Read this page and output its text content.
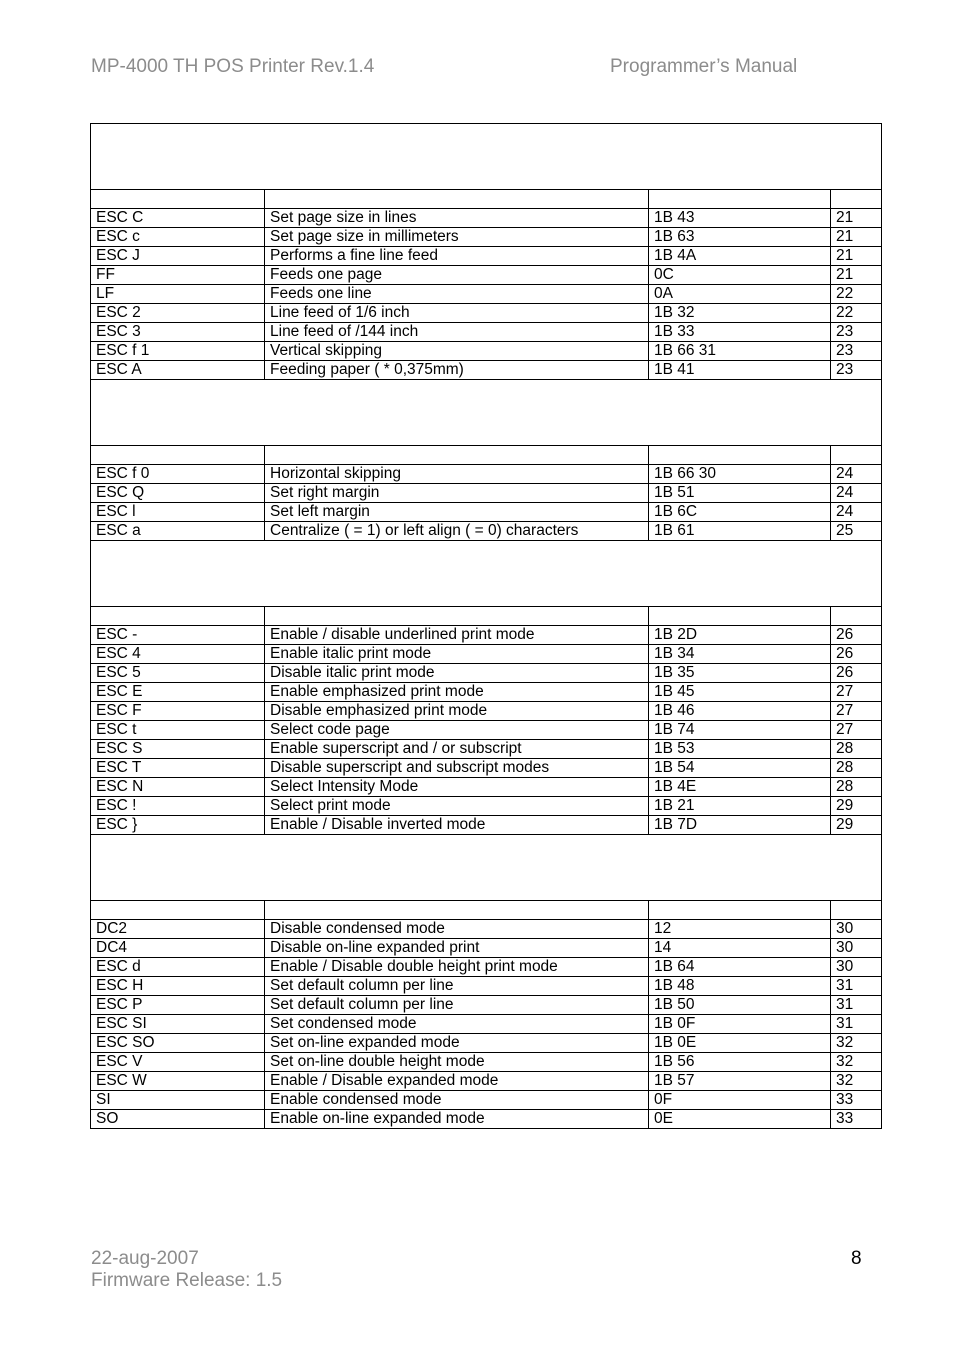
MP-4000 TH POS Printer Rev.1.4	Programmer’s Manual

ESC C	Set page size in lines	1B 43	21
ESC c	Set page size in millimeters	1B 63	21
ESC J	Performs a fine line feed	1B 4A	21
FF	Feeds one page	0C	21
LF	Feeds one line	0A	22
ESC 2	Line feed of 1/6 inch	1B 32	22
ESC 3	Line feed of /144 inch	1B 33	23
ESC f 1	Vertical skipping	1B 66 31	23
ESC A	Feeding paper ( * 0,375mm)	1B 41	23

ESC f 0	Horizontal skipping	1B 66 30	24
ESC Q	Set right margin	1B 51	24
ESC l	Set left margin	1B 6C	24
ESC a	Centralize ( = 1) or left align ( = 0) characters	1B 61	25

ESC -	Enable / disable underlined print mode	1B 2D	26
ESC 4	Enable italic print mode	1B 34	26
ESC 5	Disable italic print mode	1B 35	26
ESC E	Enable emphasized print mode	1B 45	27
ESC F	Disable emphasized print mode	1B 46	27
ESC t	Select code page	1B 74	27
ESC S	Enable superscript and / or subscript	1B 53	28
ESC T	Disable superscript and subscript modes	1B 54	28
ESC N	Select Intensity Mode	1B 4E	28
ESC !	Select print mode	1B 21	29
ESC }	Enable / Disable inverted mode	1B 7D	29

DC2	Disable condensed mode	12	30
DC4	Disable on-line expanded print	14	30
ESC d	Enable / Disable double height print mode	1B 64	30
ESC H	Set default column per line	1B 48	31
ESC P	Set default column per line	1B 50	31
ESC SI	Set condensed mode	1B 0F	31
ESC SO	Set on-line expanded mode	1B 0E	32
ESC V	Set on-line double height mode	1B 56	32
ESC W	Enable / Disable expanded mode	1B 57	32
SI	Enable condensed mode	0F	33
SO	Enable on-line expanded mode	0E	33
22-aug-2007
Firmware Release: 1.5
8
